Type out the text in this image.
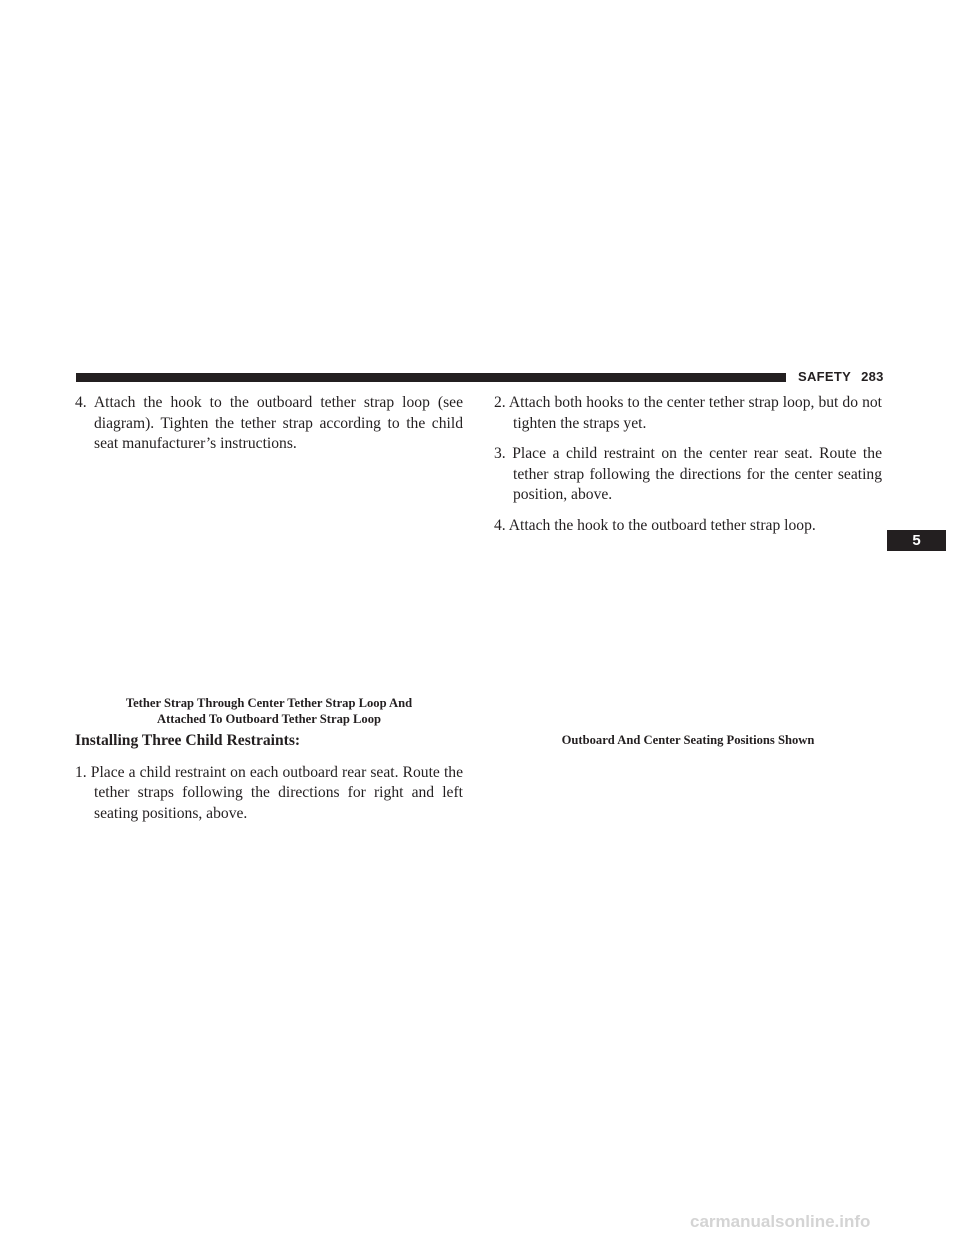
SAFETY 283

4. Attach the hook to the outboard tether strap loop (see diagram). Tighten the tether strap according to the child seat manufacturer’s instructions.

Tether Strap Through Center Tether Strap Loop And
Attached To Outboard Tether Strap Loop

Installing Three Child Restraints:

1. Place a child restraint on each outboard rear seat. Route the tether straps following the directions for right and left seating positions, above.

2. Attach both hooks to the center tether strap loop, but do not tighten the straps yet.

3. Place a child restraint on the center rear seat. Route the tether strap following the directions for the center seating position, above.

4. Attach the hook to the outboard tether strap loop.

Outboard And Center Seating Positions Shown

5
carmanualsonline.info
